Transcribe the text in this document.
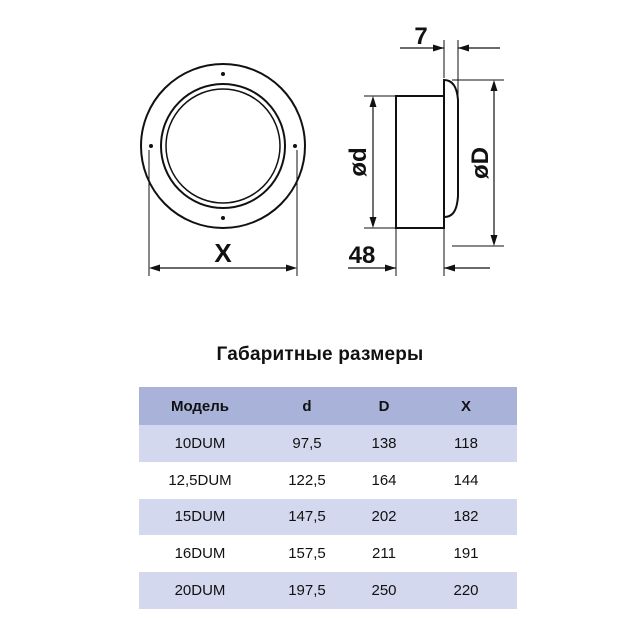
X
7
ød	øD
48
Габаритные размеры
Модель	d	D	X
10DUM	97,5	138	118
12,5DUM	122,5	164	144
15DUM	147,5	202	182
16DUM	157,5	211	191
20DUM	197,5	250	220
